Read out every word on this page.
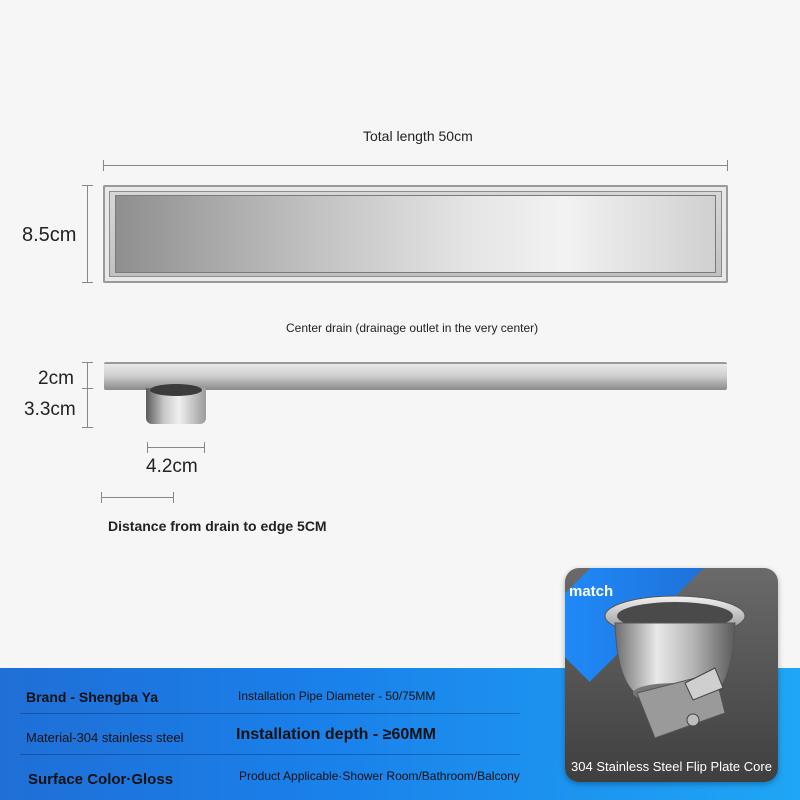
Total length 50cm
8.5cm
Center drain (drainage outlet in the very center)
2cm
3.3cm
4.2cm
Distance from drain to edge 5CM
Brand - Shengba Ya	Installation Pipe Diameter - 50/75MM
Material-304 stainless steel	Installation depth - ≥60MM
Surface Color·Gloss	Product Applicable·Shower Room/Bathroom/Balcony
match
304 Stainless Steel Flip Plate Core
